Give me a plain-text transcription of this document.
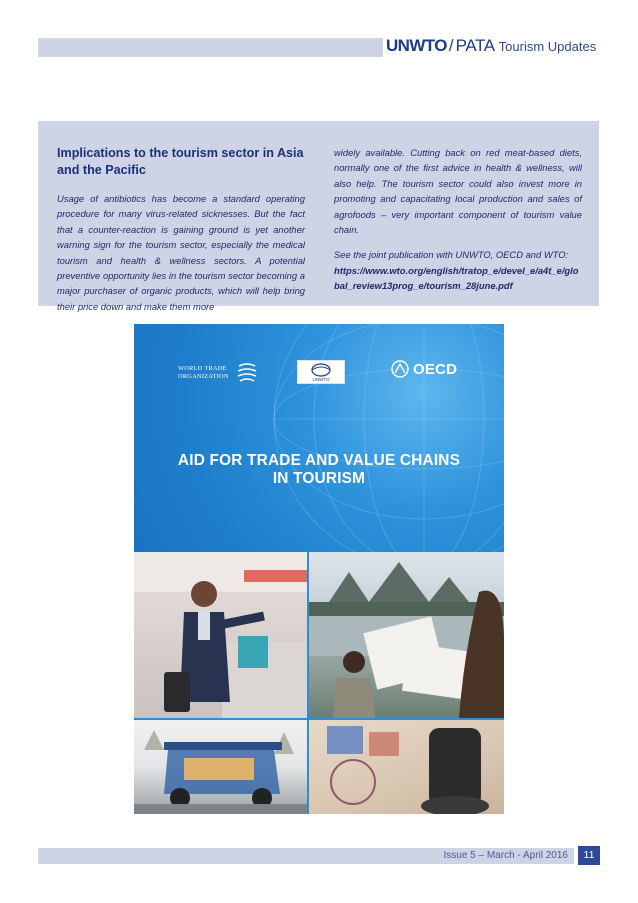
UNWTO / PATA Tourism Updates
Implications to the tourism sector in Asia and the Pacific

Usage of antibiotics has become a standard operating procedure for many virus-related sicknesses. But the fact that a counter-reaction is gaining ground is yet another warning sign for the tourism sector, especially the medical tourism and health & wellness sectors. A potential preventive opportunity lies in the tourism sector becoming a major purchaser of organic products, which will help bring their price down and make them more

widely available. Cutting back on red meat-based diets, normally one of the first advice in health & wellness, will also help. The tourism sector could also invest more in promoting and capacitating local production and sales of agrofoods – very important component of tourism value chain.

See the joint publication with UNWTO, OECD and WTO:

https://www.wto.org/english/tratop_e/devel_e/a4t_e/global_review13prog_e/tourism_28june.pdf

WORLD TRADE
ORGANIZATION	UNWTO
OECD
AID FOR TRADE AND VALUE CHAINS
IN TOURISM
Issue 5 – March - April 2016	11
